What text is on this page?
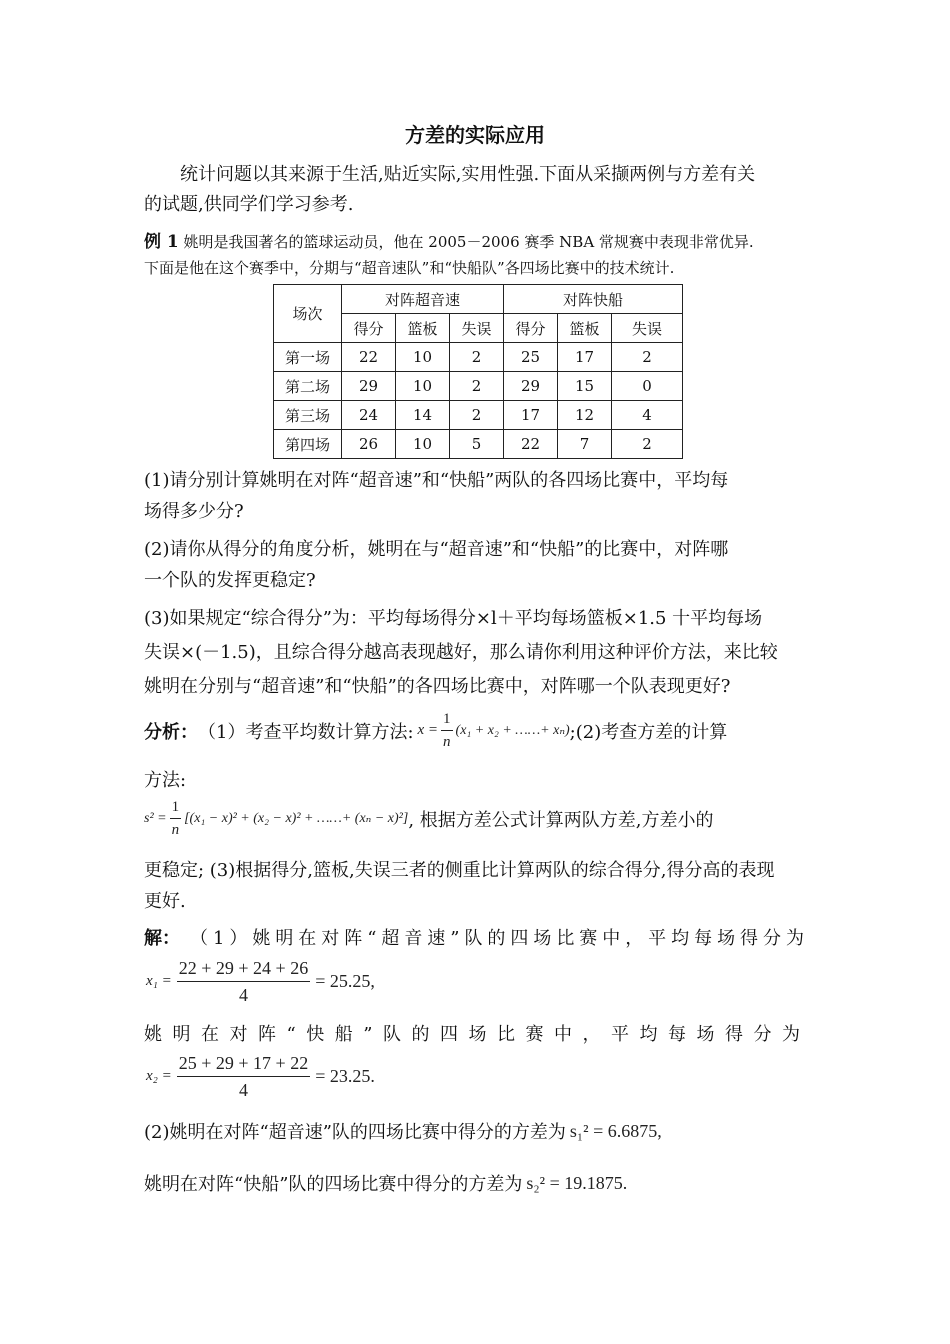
方差的实际应用
统计问题以其来源于生活,贴近实际,实用性强.下面从采撷两例与方差有关
的试题,供同学们学习参考.
例 1 姚明是我国著名的篮球运动员，他在 2005－2006 赛季 NBA 常规赛中表现非常优异.
下面是他在这个赛季中，分期与“超音速队”和“快船队”各四场比赛中的技术统计.
场次	对阵超音速			对阵快船		
	得分	篮板	失误	得分	篮板	失误
第一场	22	10	2	25	17	2
第二场	29	10	2	29	15	0
第三场	24	14	2	17	12	4
第四场	26	10	5	22	7	2
(1)请分别计算姚明在对阵“超音速”和“快船”两队的各四场比赛中，平均每
场得多少分?
(2)请你从得分的角度分析，姚明在与“超音速”和“快船”的比赛中，对阵哪
一个队的发挥更稳定?
(3)如果规定“综合得分”为：平均每场得分×l＋平均每场篮板×1.5 十平均每场
失误×(－1.5)，且综合得分越高表现越好，那么请你利用这种评价方法，来比较
姚明在分别与“超音速”和“快船”的各四场比赛中，对阵哪一个队表现更好?
分析： （1）考查平均数计算方法: $x = \frac{1}{n} (x_1 + x_2$ + ……+ xₙ) ;(2)考查方差的计算
方法:
$s^2 = \frac{1}{n} [(x_1 - x)^2 + (x_2 - x)^2$ + ……+ (xₙ − x)²] , 根据方差公式计算两队方差,方差小的
更稳定; (3)根据得分,篮板,失误三者的侧重比计算两队的综合得分,得分高的表现
更好.
解： （1）姚明在对阵“超音速”队的四场比赛中，平均每场得分为
$x_1 = \frac{22 + 29 + 24 + 26}{4} = 25.25$,
姚明在对阵“快船”队的四场比赛中，平均每场得分为
$x_2 = \frac{25 + 29 + 17 + 22}{4} = 23.25$.
(2)姚明在对阵“超音速”队的四场比赛中得分的方差为 s₁² = 6.6875,
姚明在对阵“快船”队的四场比赛中得分的方差为 s₂² = 19.1875.
